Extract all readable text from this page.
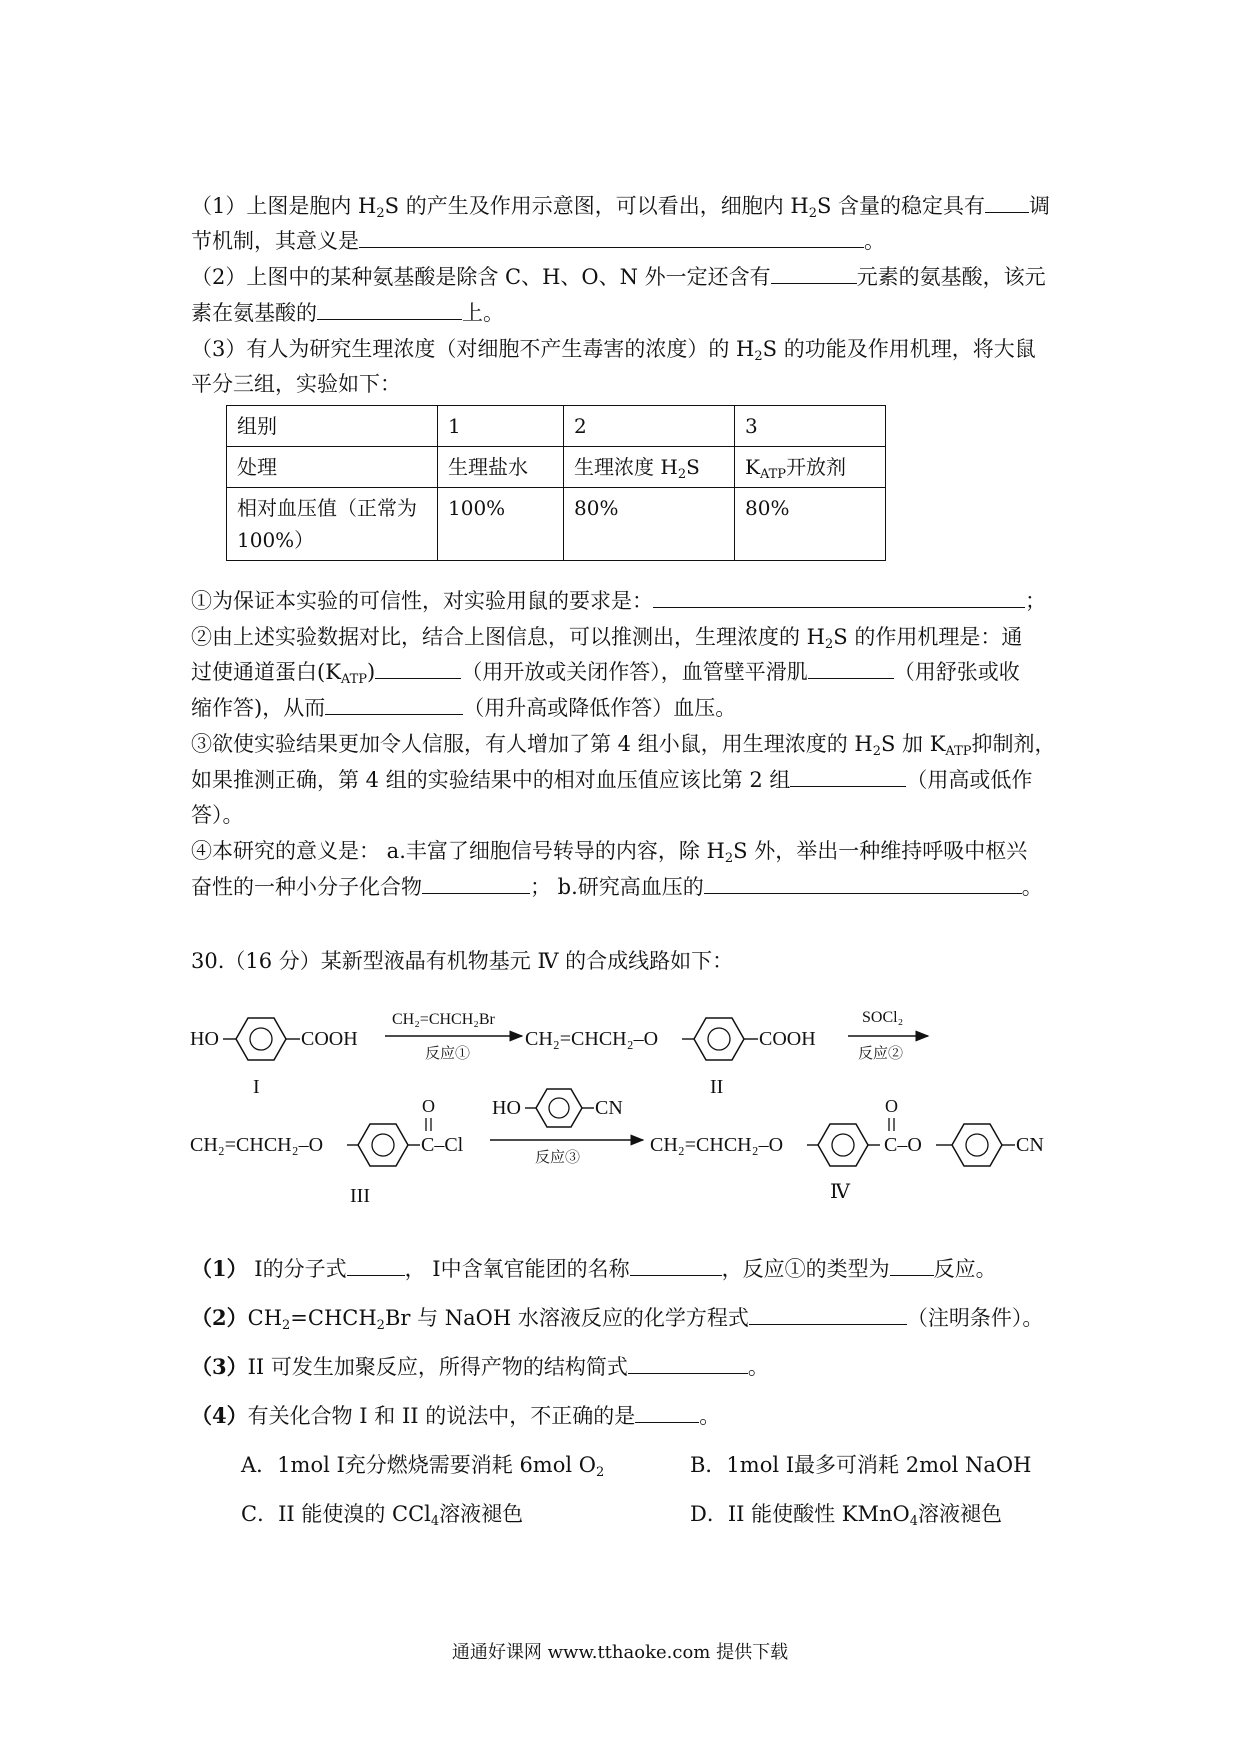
（1）上图是胞内 $H_2S$ 的产生及作用示意图，可以看出，细胞内 $H_2S$ 含量的稳定具有 调
节机制，其意义是	。
（2）上图中的某种氨基酸是除含 C、H、O、N 外一定还含有	元素的氨基酸，该元
素在氨基酸的	上。
（3）有人为研究生理浓度（对细胞不产生毒害的浓度）的 $H_2S$ 的功能及作用机理，将大鼠
平分三组，实验如下：
组别	1	2	3
处理	生理盐水	生理浓度 $H_2S$	$K_{ATP}$开放剂
相对血压值（正常为
100%）	100%	80%	80%
①为保证本实验的可信性，对实验用鼠的要求是：	；
②由上述实验数据对比，结合上图信息，可以推测出，生理浓度的 $H_2S$ 的作用机理是：通
过使通道蛋白$(K_{ATP})$	（用开放或关闭作答），血管壁平滑肌	（用舒张或收
缩作答)，从而	（用升高或降低作答）血压。
③欲使实验结果更加令人信服，有人增加了第 4 组小鼠，用生理浓度的 $H_2S$ 加 $K_{ATP}$抑制剂，
如果推测正确，第 4 组的实验结果中的相对血压值应该比第 2 组	（用高或低作
答）。
④本研究的意义是： a.丰富了细胞信号转导的内容，除 $H_2S$ 外，举出一种维持呼吸中枢兴
奋性的一种小分子化合物	； b.研究高血压的	。
30.（16 分）某新型液晶有机物基元 Ⅳ 的合成线路如下：
HO	COOH
I
CH₂=CHCH₂Br
反应①
CH₂=CHCH₂–O	COOH
II
SOCl₂
反应②
CH₂=CHCH₂–O
O
C–Cl
III
HO	CN
反应③
CH₂=CHCH₂–O
O
C–O	CN
Ⅳ
（1） Ⅰ的分子式	， Ⅰ中含氧官能团的名称	，反应①的类型为 反应。
$(2)CH_2=CHCH_2Br$ 与 NaOH 水溶液反应的化学方程式	（注明条件）。
（3）II 可发生加聚反应，所得产物的结构简式	。
（4）有关化合物 I 和 II 的说法中，不正确的是	。
A．1mol Ⅰ充分燃烧需要消耗 6mol $O_2$	B．1mol Ⅰ最多可消耗 2mol NaOH
C．II 能使溴的 CCl$_4$溶液褪色	D．II 能使酸性 KMnO$_4$溶液褪色
通通好课网 www.tthaoke.com 提供下载
